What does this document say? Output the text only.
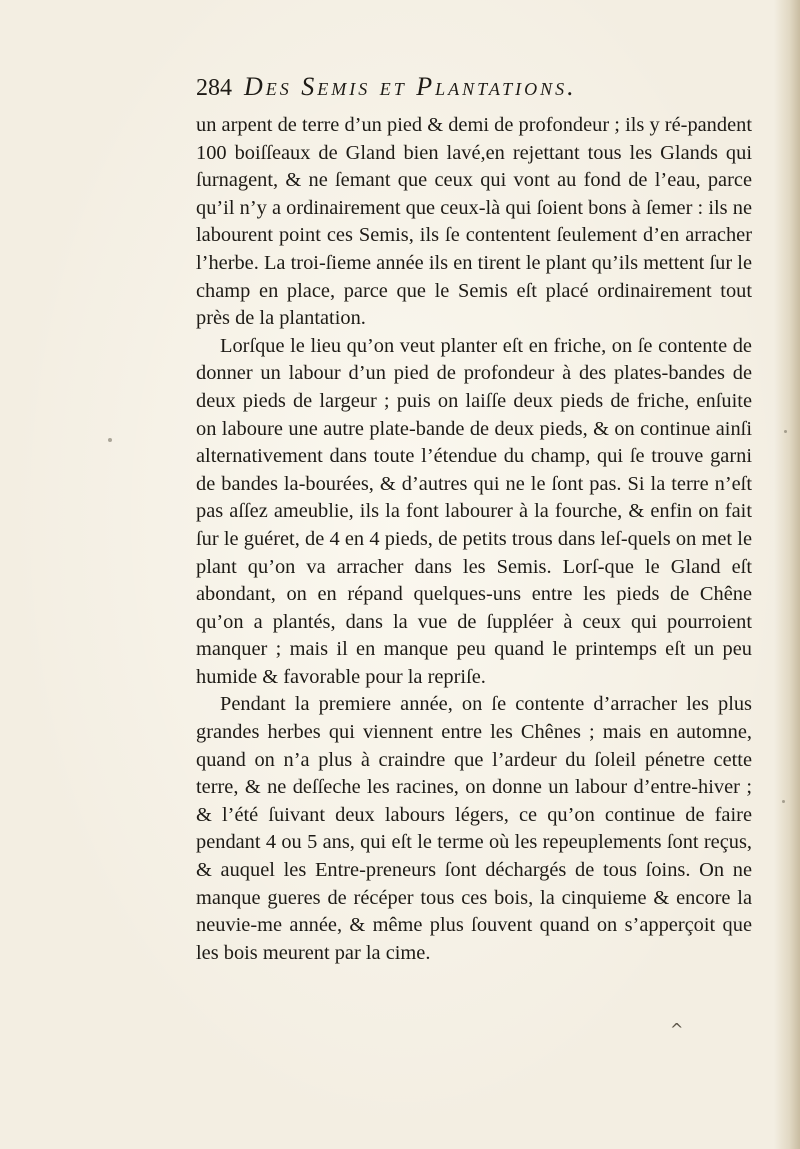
284 Des Semis et Plantations.

un arpent de terre d’un pied & demi de profondeur ; ils y ré-pandent 100 boiſſeaux de Gland bien lavé,en rejettant tous les Glands qui ſurnagent, & ne ſemant que ceux qui vont au fond de l’eau, parce qu’il n’y a ordinairement que ceux-là qui ſoient bons à ſemer : ils ne labourent point ces Semis, ils ſe contentent ſeulement d’en arracher l’herbe. La troi-ſieme année ils en tirent le plant qu’ils mettent ſur le champ en place, parce que le Semis eſt placé ordinairement tout près de la plantation.

Lorſque le lieu qu’on veut planter eſt en friche, on ſe contente de donner un labour d’un pied de profondeur à des plates-bandes de deux pieds de largeur ; puis on laiſſe deux pieds de friche, enſuite on laboure une autre plate-bande de deux pieds, & on continue ainſi alternativement dans toute l’étendue du champ, qui ſe trouve garni de bandes la-bourées, & d’autres qui ne le ſont pas. Si la terre n’eſt pas aſſez ameublie, ils la font labourer à la fourche, & enfin on fait ſur le guéret, de 4 en 4 pieds, de petits trous dans leſ-quels on met le plant qu’on va arracher dans les Semis. Lorſ-que le Gland eſt abondant, on en répand quelques-uns entre les pieds de Chêne qu’on a plantés, dans la vue de ſuppléer à ceux qui pourroient manquer ; mais il en manque peu quand le printemps eſt un peu humide & favorable pour la repriſe.

Pendant la premiere année, on ſe contente d’arracher les plus grandes herbes qui viennent entre les Chênes ; mais en automne, quand on n’a plus à craindre que l’ardeur du ſoleil pénetre cette terre, & ne deſſeche les racines, on donne un labour d’entre-hiver ; & l’été ſuivant deux labours légers, ce qu’on continue de faire pendant 4 ou 5 ans, qui eſt le terme où les repeuplements ſont reçus, & auquel les Entre-preneurs ſont déchargés de tous ſoins. On ne manque gueres de récéper tous ces bois, la cinquieme & encore la neuvie-me année, & même plus ſouvent quand on s’apperçoit que les bois meurent par la cime.

^
